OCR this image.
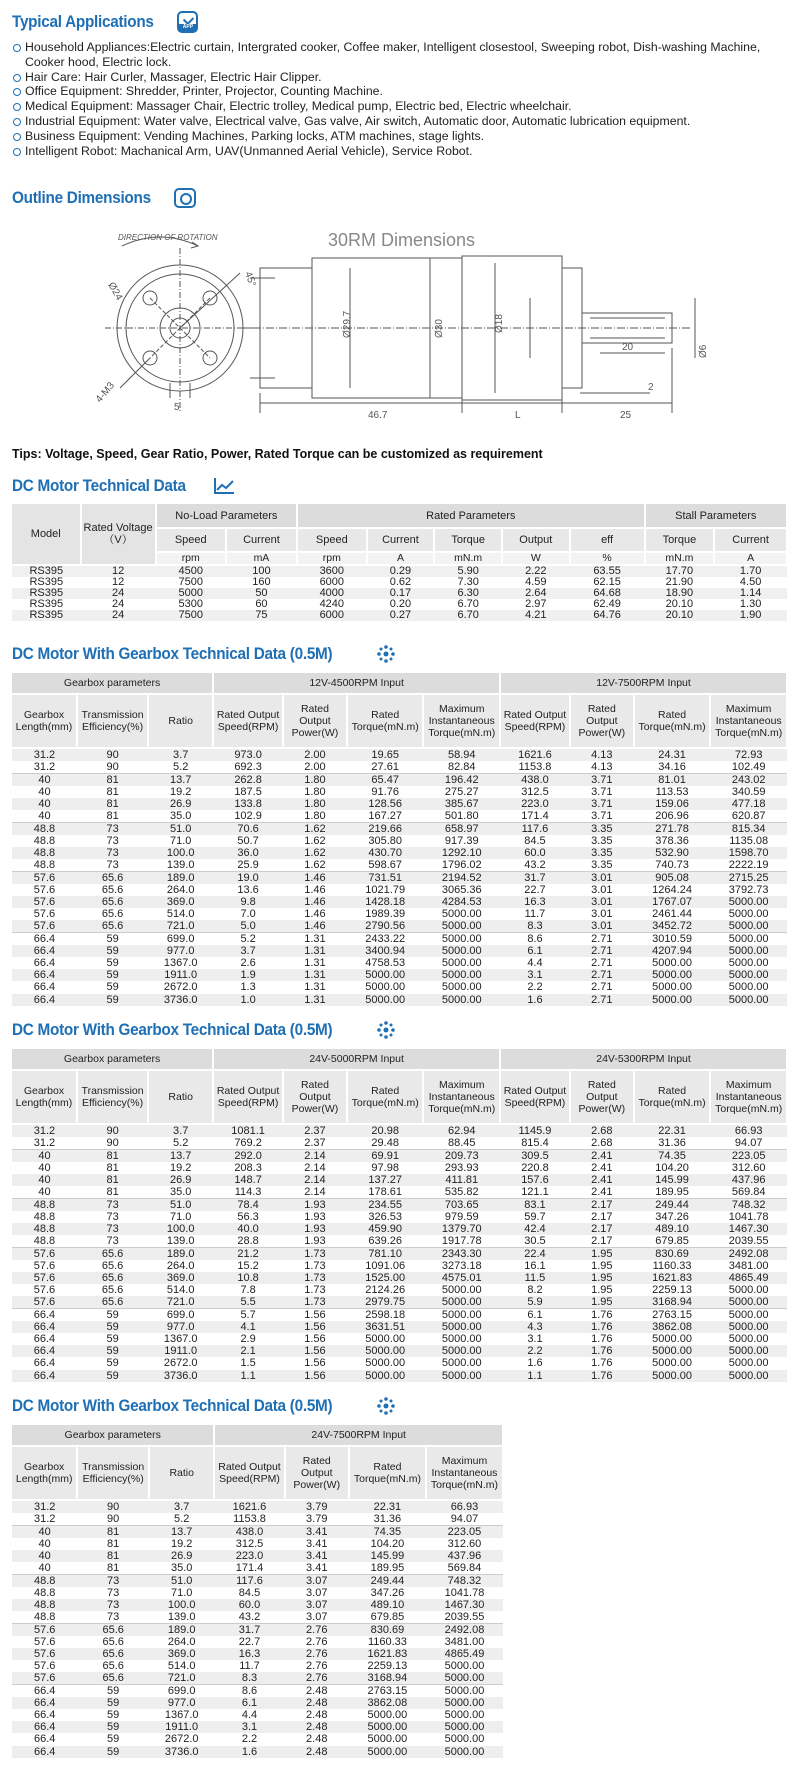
Typical Applications
APP
Household Appliances:Electric curtain, Intergrated cooker, Coffee maker, Intelligent closestool, Sweeping robot, Dish-washing Machine, Cooker hood, Electric lock.
Hair Care: Hair Curler, Massager, Electric Hair Clipper.
Office Equipment: Shredder, Printer, Projector, Counting Machine.
Medical Equipment: Massager Chair, Electric trolley, Medical pump, Electric bed, Electric wheelchair.
Industrial Equipment: Water valve, Electrical valve, Gas valve, Air switch, Automatic door, Automatic lubrication equipment.
Business Equipment: Vending Machines, Parking locks, ATM machines, stage lights.
Intelligent Robot: Machanical Arm, UAV(Unmanned Aerial Vehicle), Service Robot.
Outline Dimensions
DIRECTION OF ROTATION	30RM Dimensions
Ø24
45°
4-M3
5
Ø29.7	Ø30	Ø18
20	Ø6
2
46.7	L	25
Tips: Voltage, Speed, Gear Ratio, Power, Rated Torque can be customized as requirement
DC Motor Technical Data
Model	Rated Voltage
（V）	No-Load Parameters		Rated Parameters					Stall Parameters	
		Speed	Current	Speed	Current	Torque	Output	eff	Torque	Current
		rpm	mA	rpm	A	mN.m	W	%	mN.m	A
RS395	12	4500	100	3600	0.29	5.90	2.22	63.55	17.70	1.70
RS395	12	7500	160	6000	0.62	7.30	4.59	62.15	21.90	4.50
RS395	24	5000	50	4000	0.17	6.30	2.64	64.68	18.90	1.14
RS395	24	5300	60	4240	0.20	6.70	2.97	62.49	20.10	1.30
RS395	24	7500	75	6000	0.27	6.70	4.21	64.76	20.10	1.90
DC Motor With Gearbox Technical Data (0.5M)
Gearbox parameters			12V-4500RPM Input				12V-7500RPM Input			
Gearbox Length(mm)	Transmission Efficiency(%)	Ratio	Rated Output Speed(RPM)	Rated Output Power(W)	Rated Torque(mN.m)	Maximum Instantaneous Torque(mN.m)	Rated Output Speed(RPM)	Rated Output Power(W)	Rated Torque(mN.m)	Maximum Instantaneous Torque(mN.m)
31.2	90	3.7	973.0	2.00	19.65	58.94	1621.6	4.13	24.31	72.93
31.2	90	5.2	692.3	2.00	27.61	82.84	1153.8	4.13	34.16	102.49
40	81	13.7	262.8	1.80	65.47	196.42	438.0	3.71	81.01	243.02
40	81	19.2	187.5	1.80	91.76	275.27	312.5	3.71	113.53	340.59
40	81	26.9	133.8	1.80	128.56	385.67	223.0	3.71	159.06	477.18
40	81	35.0	102.9	1.80	167.27	501.80	171.4	3.71	206.96	620.87
48.8	73	51.0	70.6	1.62	219.66	658.97	117.6	3.35	271.78	815.34
48.8	73	71.0	50.7	1.62	305.80	917.39	84.5	3.35	378.36	1135.08
48.8	73	100.0	36.0	1.62	430.70	1292.10	60.0	3.35	532.90	1598.70
48.8	73	139.0	25.9	1.62	598.67	1796.02	43.2	3.35	740.73	2222.19
57.6	65.6	189.0	19.0	1.46	731.51	2194.52	31.7	3.01	905.08	2715.25
57.6	65.6	264.0	13.6	1.46	1021.79	3065.36	22.7	3.01	1264.24	3792.73
57.6	65.6	369.0	9.8	1.46	1428.18	4284.53	16.3	3.01	1767.07	5000.00
57.6	65.6	514.0	7.0	1.46	1989.39	5000.00	11.7	3.01	2461.44	5000.00
57.6	65.6	721.0	5.0	1.46	2790.56	5000.00	8.3	3.01	3452.72	5000.00
66.4	59	699.0	5.2	1.31	2433.22	5000.00	8.6	2.71	3010.59	5000.00
66.4	59	977.0	3.7	1.31	3400.94	5000.00	6.1	2.71	4207.94	5000.00
66.4	59	1367.0	2.6	1.31	4758.53	5000.00	4.4	2.71	5000.00	5000.00
66.4	59	1911.0	1.9	1.31	5000.00	5000.00	3.1	2.71	5000.00	5000.00
66.4	59	2672.0	1.3	1.31	5000.00	5000.00	2.2	2.71	5000.00	5000.00
66.4	59	3736.0	1.0	1.31	5000.00	5000.00	1.6	2.71	5000.00	5000.00
DC Motor With Gearbox Technical Data (0.5M)
Gearbox parameters			24V-5000RPM Input				24V-5300RPM Input			
Gearbox Length(mm)	Transmission Efficiency(%)	Ratio	Rated Output Speed(RPM)	Rated Output Power(W)	Rated Torque(mN.m)	Maximum Instantaneous Torque(mN.m)	Rated Output Speed(RPM)	Rated Output Power(W)	Rated Torque(mN.m)	Maximum Instantaneous Torque(mN.m)
31.2	90	3.7	1081.1	2.37	20.98	62.94	1145.9	2.68	22.31	66.93
31.2	90	5.2	769.2	2.37	29.48	88.45	815.4	2.68	31.36	94.07
40	81	13.7	292.0	2.14	69.91	209.73	309.5	2.41	74.35	223.05
40	81	19.2	208.3	2.14	97.98	293.93	220.8	2.41	104.20	312.60
40	81	26.9	148.7	2.14	137.27	411.81	157.6	2.41	145.99	437.96
40	81	35.0	114.3	2.14	178.61	535.82	121.1	2.41	189.95	569.84
48.8	73	51.0	78.4	1.93	234.55	703.65	83.1	2.17	249.44	748.32
48.8	73	71.0	56.3	1.93	326.53	979.59	59.7	2.17	347.26	1041.78
48.8	73	100.0	40.0	1.93	459.90	1379.70	42.4	2.17	489.10	1467.30
48.8	73	139.0	28.8	1.93	639.26	1917.78	30.5	2.17	679.85	2039.55
57.6	65.6	189.0	21.2	1.73	781.10	2343.30	22.4	1.95	830.69	2492.08
57.6	65.6	264.0	15.2	1.73	1091.06	3273.18	16.1	1.95	1160.33	3481.00
57.6	65.6	369.0	10.8	1.73	1525.00	4575.01	11.5	1.95	1621.83	4865.49
57.6	65.6	514.0	7.8	1.73	2124.26	5000.00	8.2	1.95	2259.13	5000.00
57.6	65.6	721.0	5.5	1.73	2979.75	5000.00	5.9	1.95	3168.94	5000.00
66.4	59	699.0	5.7	1.56	2598.18	5000.00	6.1	1.76	2763.15	5000.00
66.4	59	977.0	4.1	1.56	3631.51	5000.00	4.3	1.76	3862.08	5000.00
66.4	59	1367.0	2.9	1.56	5000.00	5000.00	3.1	1.76	5000.00	5000.00
66.4	59	1911.0	2.1	1.56	5000.00	5000.00	2.2	1.76	5000.00	5000.00
66.4	59	2672.0	1.5	1.56	5000.00	5000.00	1.6	1.76	5000.00	5000.00
66.4	59	3736.0	1.1	1.56	5000.00	5000.00	1.1	1.76	5000.00	5000.00
DC Motor With Gearbox Technical Data (0.5M)
Gearbox parameters			24V-7500RPM Input			
Gearbox Length(mm)	Transmission Efficiency(%)	Ratio	Rated Output Speed(RPM)	Rated Output Power(W)	Rated Torque(mN.m)	Maximum Instantaneous Torque(mN.m)
31.2	90	3.7	1621.6	3.79	22.31	66.93
31.2	90	5.2	1153.8	3.79	31.36	94.07
40	81	13.7	438.0	3.41	74.35	223.05
40	81	19.2	312.5	3.41	104.20	312.60
40	81	26.9	223.0	3.41	145.99	437.96
40	81	35.0	171.4	3.41	189.95	569.84
48.8	73	51.0	117.6	3.07	249.44	748.32
48.8	73	71.0	84.5	3.07	347.26	1041.78
48.8	73	100.0	60.0	3.07	489.10	1467.30
48.8	73	139.0	43.2	3.07	679.85	2039.55
57.6	65.6	189.0	31.7	2.76	830.69	2492.08
57.6	65.6	264.0	22.7	2.76	1160.33	3481.00
57.6	65.6	369.0	16.3	2.76	1621.83	4865.49
57.6	65.6	514.0	11.7	2.76	2259.13	5000.00
57.6	65.6	721.0	8.3	2.76	3168.94	5000.00
66.4	59	699.0	8.6	2.48	2763.15	5000.00
66.4	59	977.0	6.1	2.48	3862.08	5000.00
66.4	59	1367.0	4.4	2.48	5000.00	5000.00
66.4	59	1911.0	3.1	2.48	5000.00	5000.00
66.4	59	2672.0	2.2	2.48	5000.00	5000.00
66.4	59	3736.0	1.6	2.48	5000.00	5000.00
